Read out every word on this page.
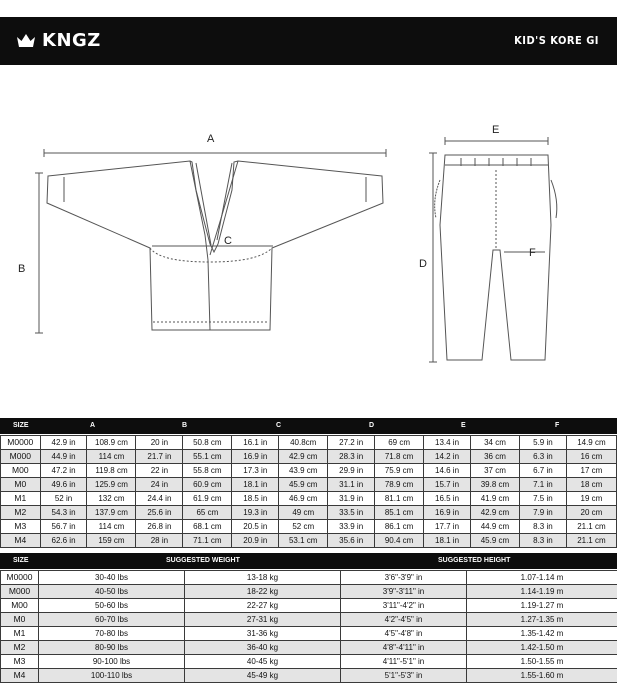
KNGZ	KID'S KORE GI
A
B
C
D
E
F
SIZE	A	B	C	D	E	F
M0000	42.9 in	108.9 cm	20 in	50.8 cm	16.1 in	40.8cm	27.2 in	69 cm	13.4 in	34 cm	5.9 in	14.9 cm
M000	44.9 in	114 cm	21.7 in	55.1 cm	16.9 in	42.9 cm	28.3 in	71.8 cm	14.2 in	36 cm	6.3 in	16 cm
M00	47.2 in	119.8 cm	22 in	55.8 cm	17.3 in	43.9 cm	29.9 in	75.9 cm	14.6 in	37 cm	6.7 in	17 cm
M0	49.6 in	125.9 cm	24 in	60.9 cm	18.1 in	45.9 cm	31.1 in	78.9 cm	15.7 in	39.8 cm	7.1 in	18 cm
M1	52 in	132 cm	24.4 in	61.9 cm	18.5 in	46.9 cm	31.9 in	81.1 cm	16.5 in	41.9 cm	7.5 in	19 cm
M2	54.3 in	137.9 cm	25.6 in	65 cm	19.3 in	49 cm	33.5 in	85.1 cm	16.9 in	42.9 cm	7.9 in	20 cm
M3	56.7 in	114 cm	26.8 in	68.1 cm	20.5 in	52 cm	33.9 in	86.1 cm	17.7 in	44.9 cm	8.3 in	21.1 cm
M4	62.6 in	159 cm	28 in	71.1 cm	20.9 in	53.1 cm	35.6 in	90.4 cm	18.1 in	45.9 cm	8.3 in	21.1 cm
SIZE	SUGGESTED WEIGHT	SUGGESTED HEIGHT
M0000	30-40 lbs	13-18 kg	3'6"-3'9" in	1.07-1.14 m
M000	40-50 lbs	18-22 kg	3'9"-3'11" in	1.14-1.19 m
M00	50-60 lbs	22-27 kg	3'11"-4'2" in	1.19-1.27 m
M0	60-70 lbs	27-31 kg	4'2"-4'5" in	1.27-1.35 m
M1	70-80 lbs	31-36 kg	4'5"-4'8" in	1.35-1.42 m
M2	80-90 lbs	36-40 kg	4'8"-4'11" in	1.42-1.50 m
M3	90-100 lbs	40-45 kg	4'11"-5'1" in	1.50-1.55 m
M4	100-110 lbs	45-49 kg	5'1"-5'3" in	1.55-1.60 m
